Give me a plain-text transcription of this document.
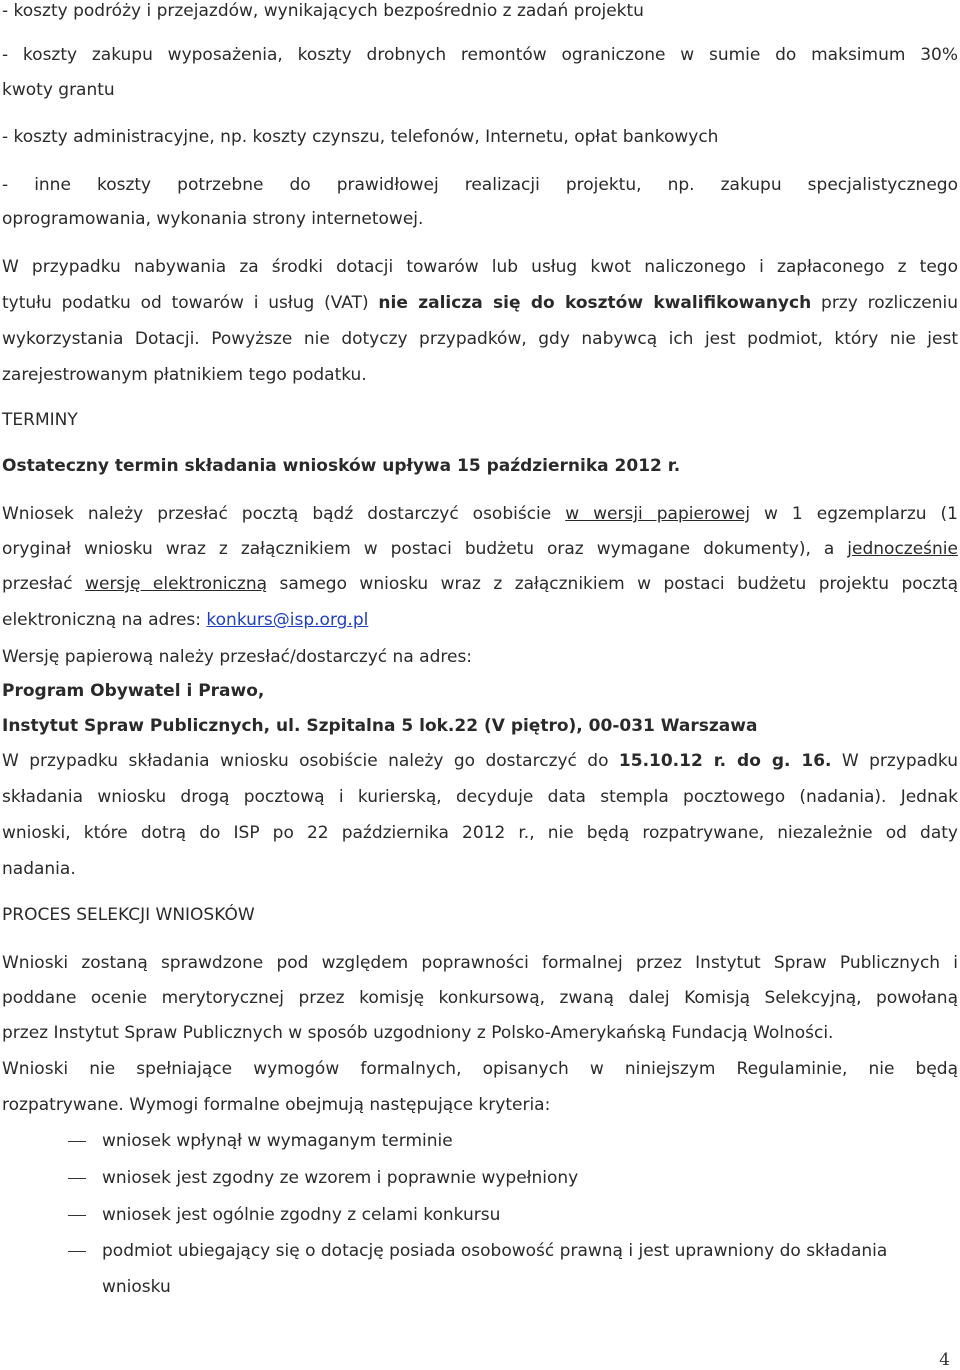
- koszty podróży i przejazdów, wynikających bezpośrednio z zadań projektu
- koszty zakupu wyposażenia, koszty drobnych remontów ograniczone w sumie do maksimum 30%
kwoty grantu
- koszty administracyjne, np. koszty czynszu, telefonów, Internetu, opłat bankowych
- inne koszty potrzebne do prawidłowej realizacji projektu, np. zakupu specjalistycznego
oprogramowania, wykonania strony internetowej.
W przypadku nabywania za środki dotacji towarów lub usług kwot naliczonego i zapłaconego z tego
tytułu podatku od towarów i usług (VAT) nie zalicza się do kosztów kwalifikowanych przy rozliczeniu
wykorzystania Dotacji. Powyższe nie dotyczy przypadków, gdy nabywcą ich jest podmiot, który nie jest
zarejestrowanym płatnikiem tego podatku.
TERMINY
Ostateczny termin składania wniosków upływa 15 października 2012 r.
Wniosek należy przesłać pocztą bądź dostarczyć osobiście w wersji papierowej w 1 egzemplarzu (1
oryginał wniosku wraz z załącznikiem w postaci budżetu oraz wymagane dokumenty), a jednocześnie
przesłać wersję elektroniczną samego wniosku wraz z załącznikiem w postaci budżetu projektu pocztą
elektroniczną na adres: konkurs@isp.org.pl
Wersję papierową należy przesłać/dostarczyć na adres:
Program Obywatel i Prawo,
Instytut Spraw Publicznych, ul. Szpitalna 5 lok.22 (V piętro), 00-031 Warszawa
W przypadku składania wniosku osobiście należy go dostarczyć do 15.10.12 r. do g. 16. W przypadku
składania wniosku drogą pocztową i kurierską, decyduje data stempla pocztowego (nadania). Jednak
wnioski, które dotrą do ISP po 22 października 2012 r., nie będą rozpatrywane, niezależnie od daty
nadania.
PROCES SELEKCJI WNIOSKÓW
Wnioski zostaną sprawdzone pod względem poprawności formalnej przez Instytut Spraw Publicznych i
poddane ocenie merytorycznej przez komisję konkursową, zwaną dalej Komisją Selekcyjną, powołaną
przez Instytut Spraw Publicznych w sposób uzgodniony z Polsko-Amerykańską Fundacją Wolności.
Wnioski nie spełniające wymogów formalnych, opisanych w niniejszym Regulaminie, nie będą
rozpatrywane. Wymogi formalne obejmują następujące kryteria:
wniosek wpłynął w wymaganym terminie
wniosek jest zgodny ze wzorem i poprawnie wypełniony
wniosek jest ogólnie zgodny z celami konkursu
podmiot ubiegający się o dotację posiada osobowość prawną i jest uprawniony do składania
wniosku
4
